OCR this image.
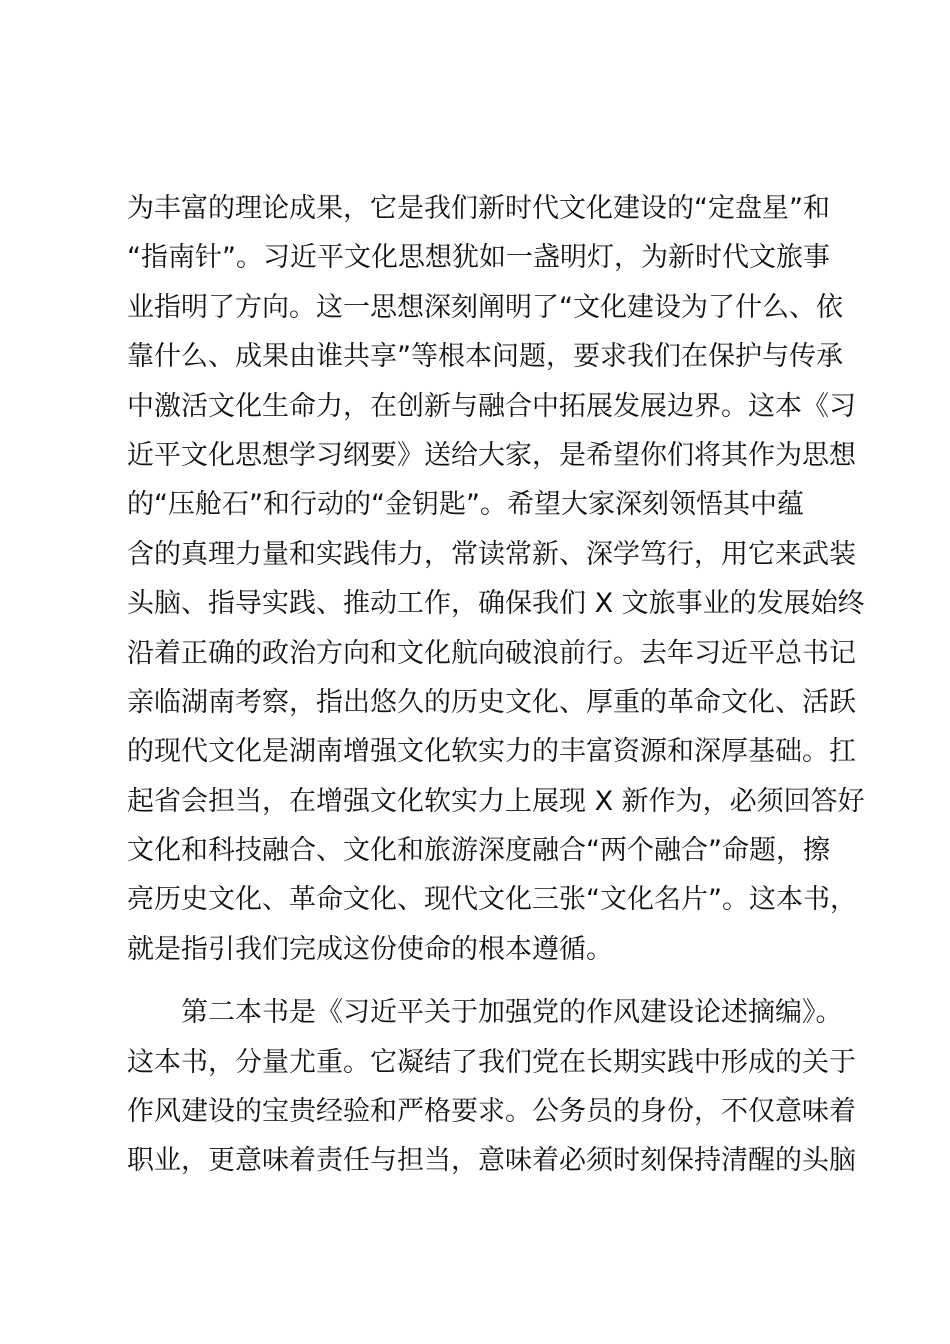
为丰富的理论成果，它是我们新时代文化建设的“定盘星”和
“指南针”。习近平文化思想犹如一盏明灯，为新时代文旅事
业指明了方向。这一思想深刻阐明了“文化建设为了什么、依
靠什么、成果由谁共享”等根本问题，要求我们在保护与传承
中激活文化生命力，在创新与融合中拓展发展边界。这本《习
近平文化思想学习纲要》送给大家，是希望你们将其作为思想
的“压舱石”和行动的“金钥匙”。希望大家深刻领悟其中蕴
含的真理力量和实践伟力，常读常新、深学笃行，用它来武装
头脑、指导实践、推动工作，确保我们 X 文旅事业的发展始终
沿着正确的政治方向和文化航向破浪前行。去年习近平总书记
亲临湖南考察，指出悠久的历史文化、厚重的革命文化、活跃
的现代文化是湖南增强文化软实力的丰富资源和深厚基础。扛
起省会担当，在增强文化软实力上展现 X 新作为，必须回答好
文化和科技融合、文化和旅游深度融合“两个融合”命题，擦
亮历史文化、革命文化、现代文化三张“文化名片”。这本书，
就是指引我们完成这份使命的根本遵循。
　　第二本书是《习近平关于加强党的作风建设论述摘编》。
这本书，分量尤重。它凝结了我们党在长期实践中形成的关于
作风建设的宝贵经验和严格要求。公务员的身份，不仅意味着
职业，更意味着责任与担当，意味着必须时刻保持清醒的头脑
